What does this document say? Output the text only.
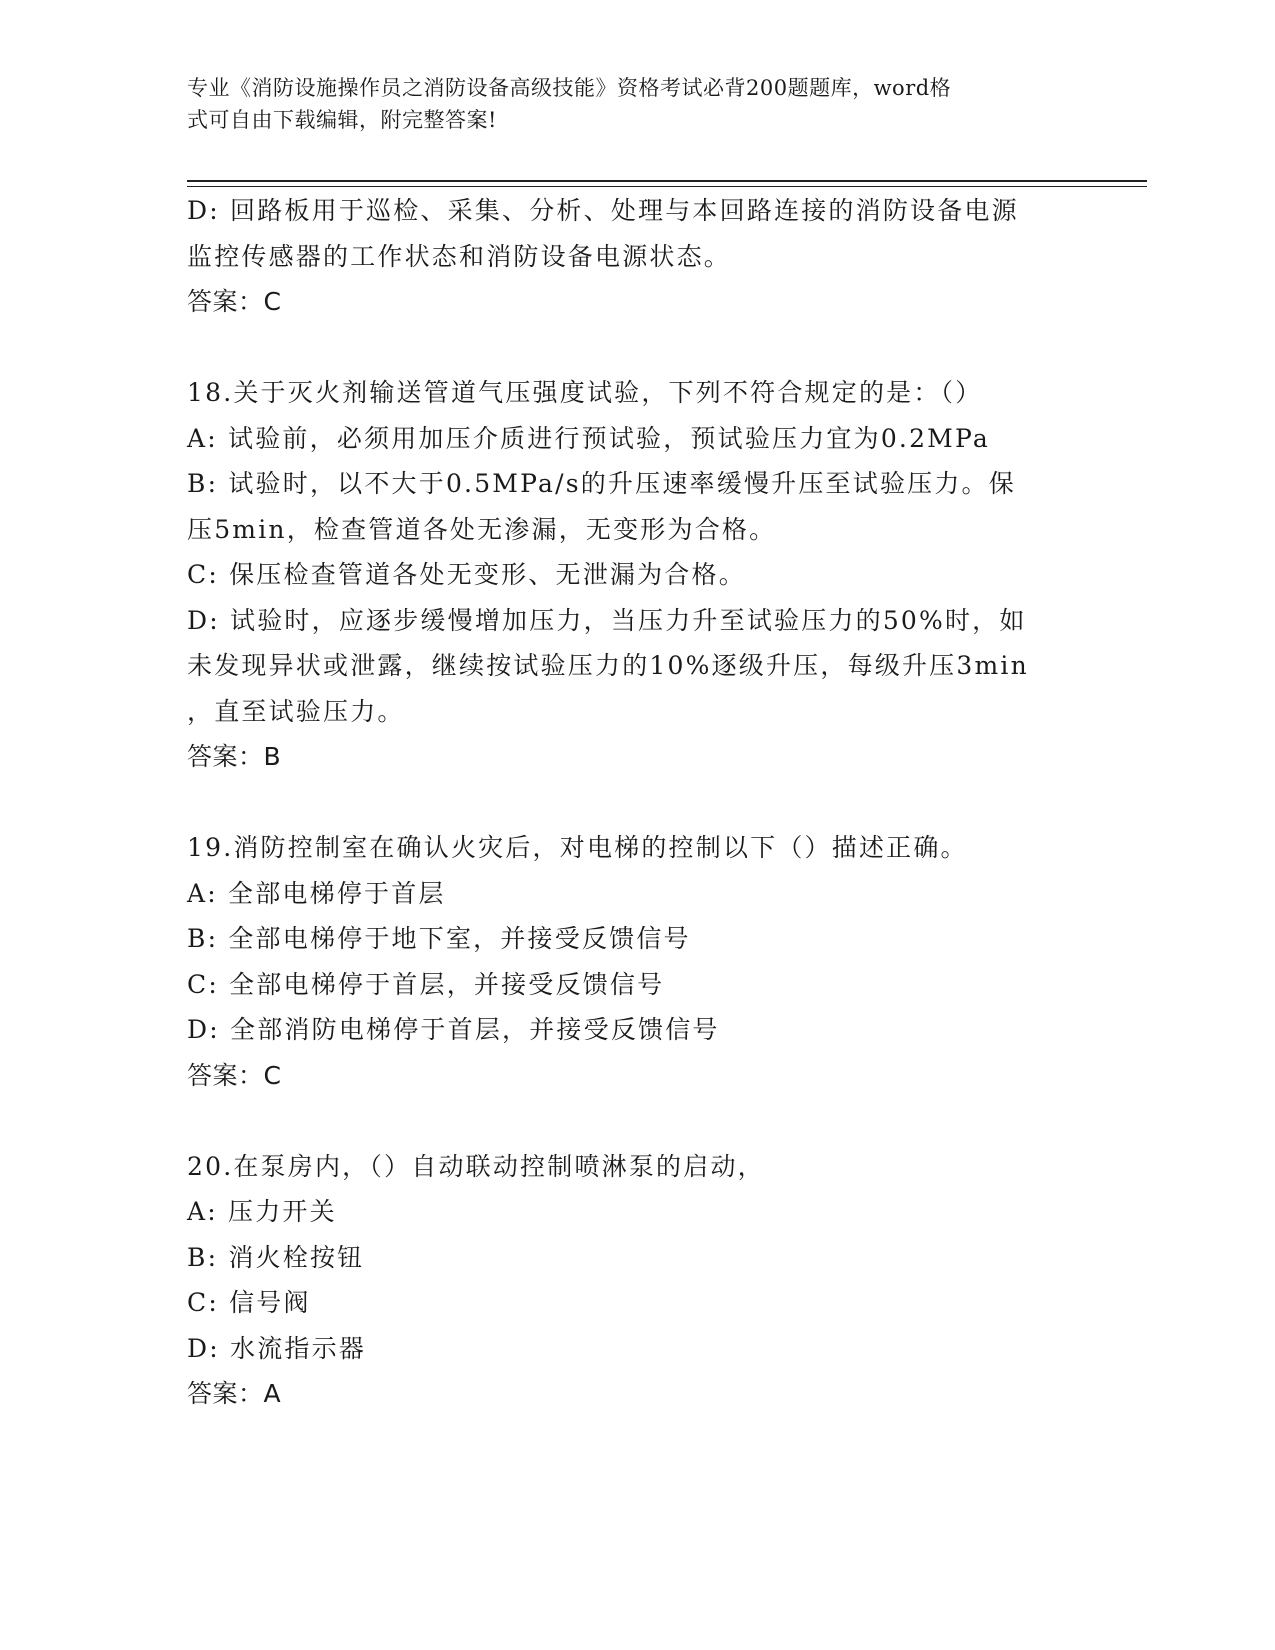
专业《消防设施操作员之消防设备高级技能》资格考试必背200题题库，word格
式可自由下载编辑，附完整答案!
D: 回路板用于巡检、采集、分析、处理与本回路连接的消防设备电源
监控传感器的工作状态和消防设备电源状态。
答案：C
18.关于灭火剂输送管道气压强度试验，下列不符合规定的是：（）
A: 试验前，必须用加压介质进行预试验，预试验压力宜为0.2MPa
B: 试验时，以不大于0.5MPa/s的升压速率缓慢升压至试验压力。保
压5min，检查管道各处无渗漏，无变形为合格。
C: 保压检查管道各处无变形、无泄漏为合格。
D: 试验时，应逐步缓慢增加压力，当压力升至试验压力的50%时，如
未发现异状或泄露，继续按试验压力的10%逐级升压，每级升压3min
，直至试验压力。
答案：B
19.消防控制室在确认火灾后，对电梯的控制以下（）描述正确。
A: 全部电梯停于首层
B: 全部电梯停于地下室，并接受反馈信号
C: 全部电梯停于首层，并接受反馈信号
D: 全部消防电梯停于首层，并接受反馈信号
答案：C
20.在泵房内，（）自动联动控制喷淋泵的启动，
A: 压力开关
B: 消火栓按钮
C: 信号阀
D: 水流指示器
答案：A
